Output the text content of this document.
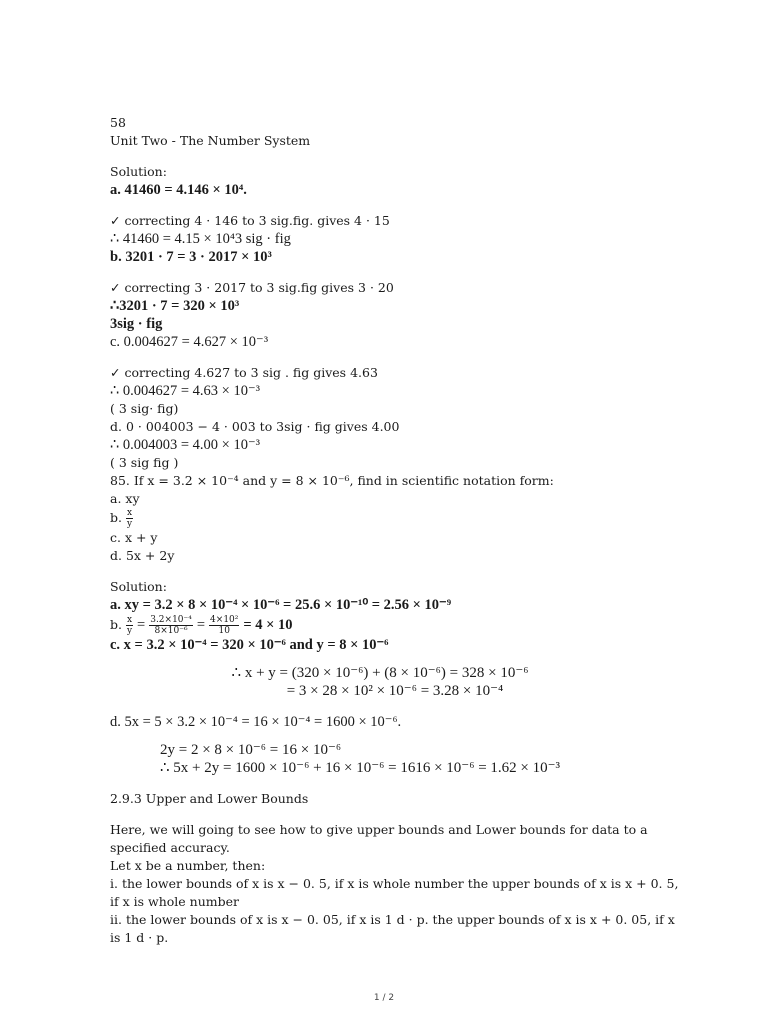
58
Unit Two - The Number System
Solution:
a. 41460 = 4.146 × 10⁴.
✓ correcting 4 · 146 to 3 sig.fig. gives 4 · 15
∴ 41460 = 4.15 × 10⁴3 sig · fig
b. 3201 · 7 = 3 · 2017 × 10³
✓ correcting 3 · 2017 to 3 sig.fig gives 3 · 20
∴3201 · 7 = 320 × 10³
3sig · fig
c. 0.004627 = 4.627 × 10⁻³
✓ correcting 4.627 to 3 sig . fig gives 4.63
∴ 0.004627 = 4.63 × 10⁻³
( 3 sig· fig)
d. 0 · 004003 − 4 · 003 to 3sig · fig gives 4.00
∴ 0.004003 = 4.00 × 10⁻³
( 3 sig fig )
85. If x = 3.2 × 10⁻⁴ and y = 8 × 10⁻⁶, find in scientific notation form:
a. xy
b. $\frac{x}{y}$
c. x + y
d. 5x + 2y
Solution:
a. xy = 3.2 × 8 × 10⁻⁴ × 10⁻⁶ = 25.6 × 10⁻¹⁰ = 2.56 × 10⁻⁹
b. $\frac{x}{y} = \frac{\text{3.2×10⁻⁴}}{\text{8×10⁻⁶}} = \frac{\text{4×10²}}{10} = 4 \times 10$
c. x = 3.2 × 10⁻⁴ = 320 × 10⁻⁶ and y = 8 × 10⁻⁶
∴ x + y = (320 × 10⁻⁶) + (8 × 10⁻⁶) = 328 × 10⁻⁶
= 3 × 28 × 10² × 10⁻⁶ = 3.28 × 10⁻⁴
d. 5x = 5 × 3.2 × 10⁻⁴ = 16 × 10⁻⁴ = 1600 × 10⁻⁶.
2y = 2 × 8 × 10⁻⁶ = 16 × 10⁻⁶
∴ 5x + 2y = 1600 × 10⁻⁶ + 16 × 10⁻⁶ = 1616 × 10⁻⁶ = 1.62 × 10⁻³
2.9.3 Upper and Lower Bounds
Here, we will going to see how to give upper bounds and Lower bounds for data to a
specified accuracy.
Let x be a number, then:
i. the lower bounds of x is x − 0. 5, if x is whole number the upper bounds of x is x + 0. 5,
if x is whole number
ii. the lower bounds of x is x − 0. 05, if x is 1 d · p. the upper bounds of x is x + 0. 05, if x
is 1 d · p.
1 / 2
